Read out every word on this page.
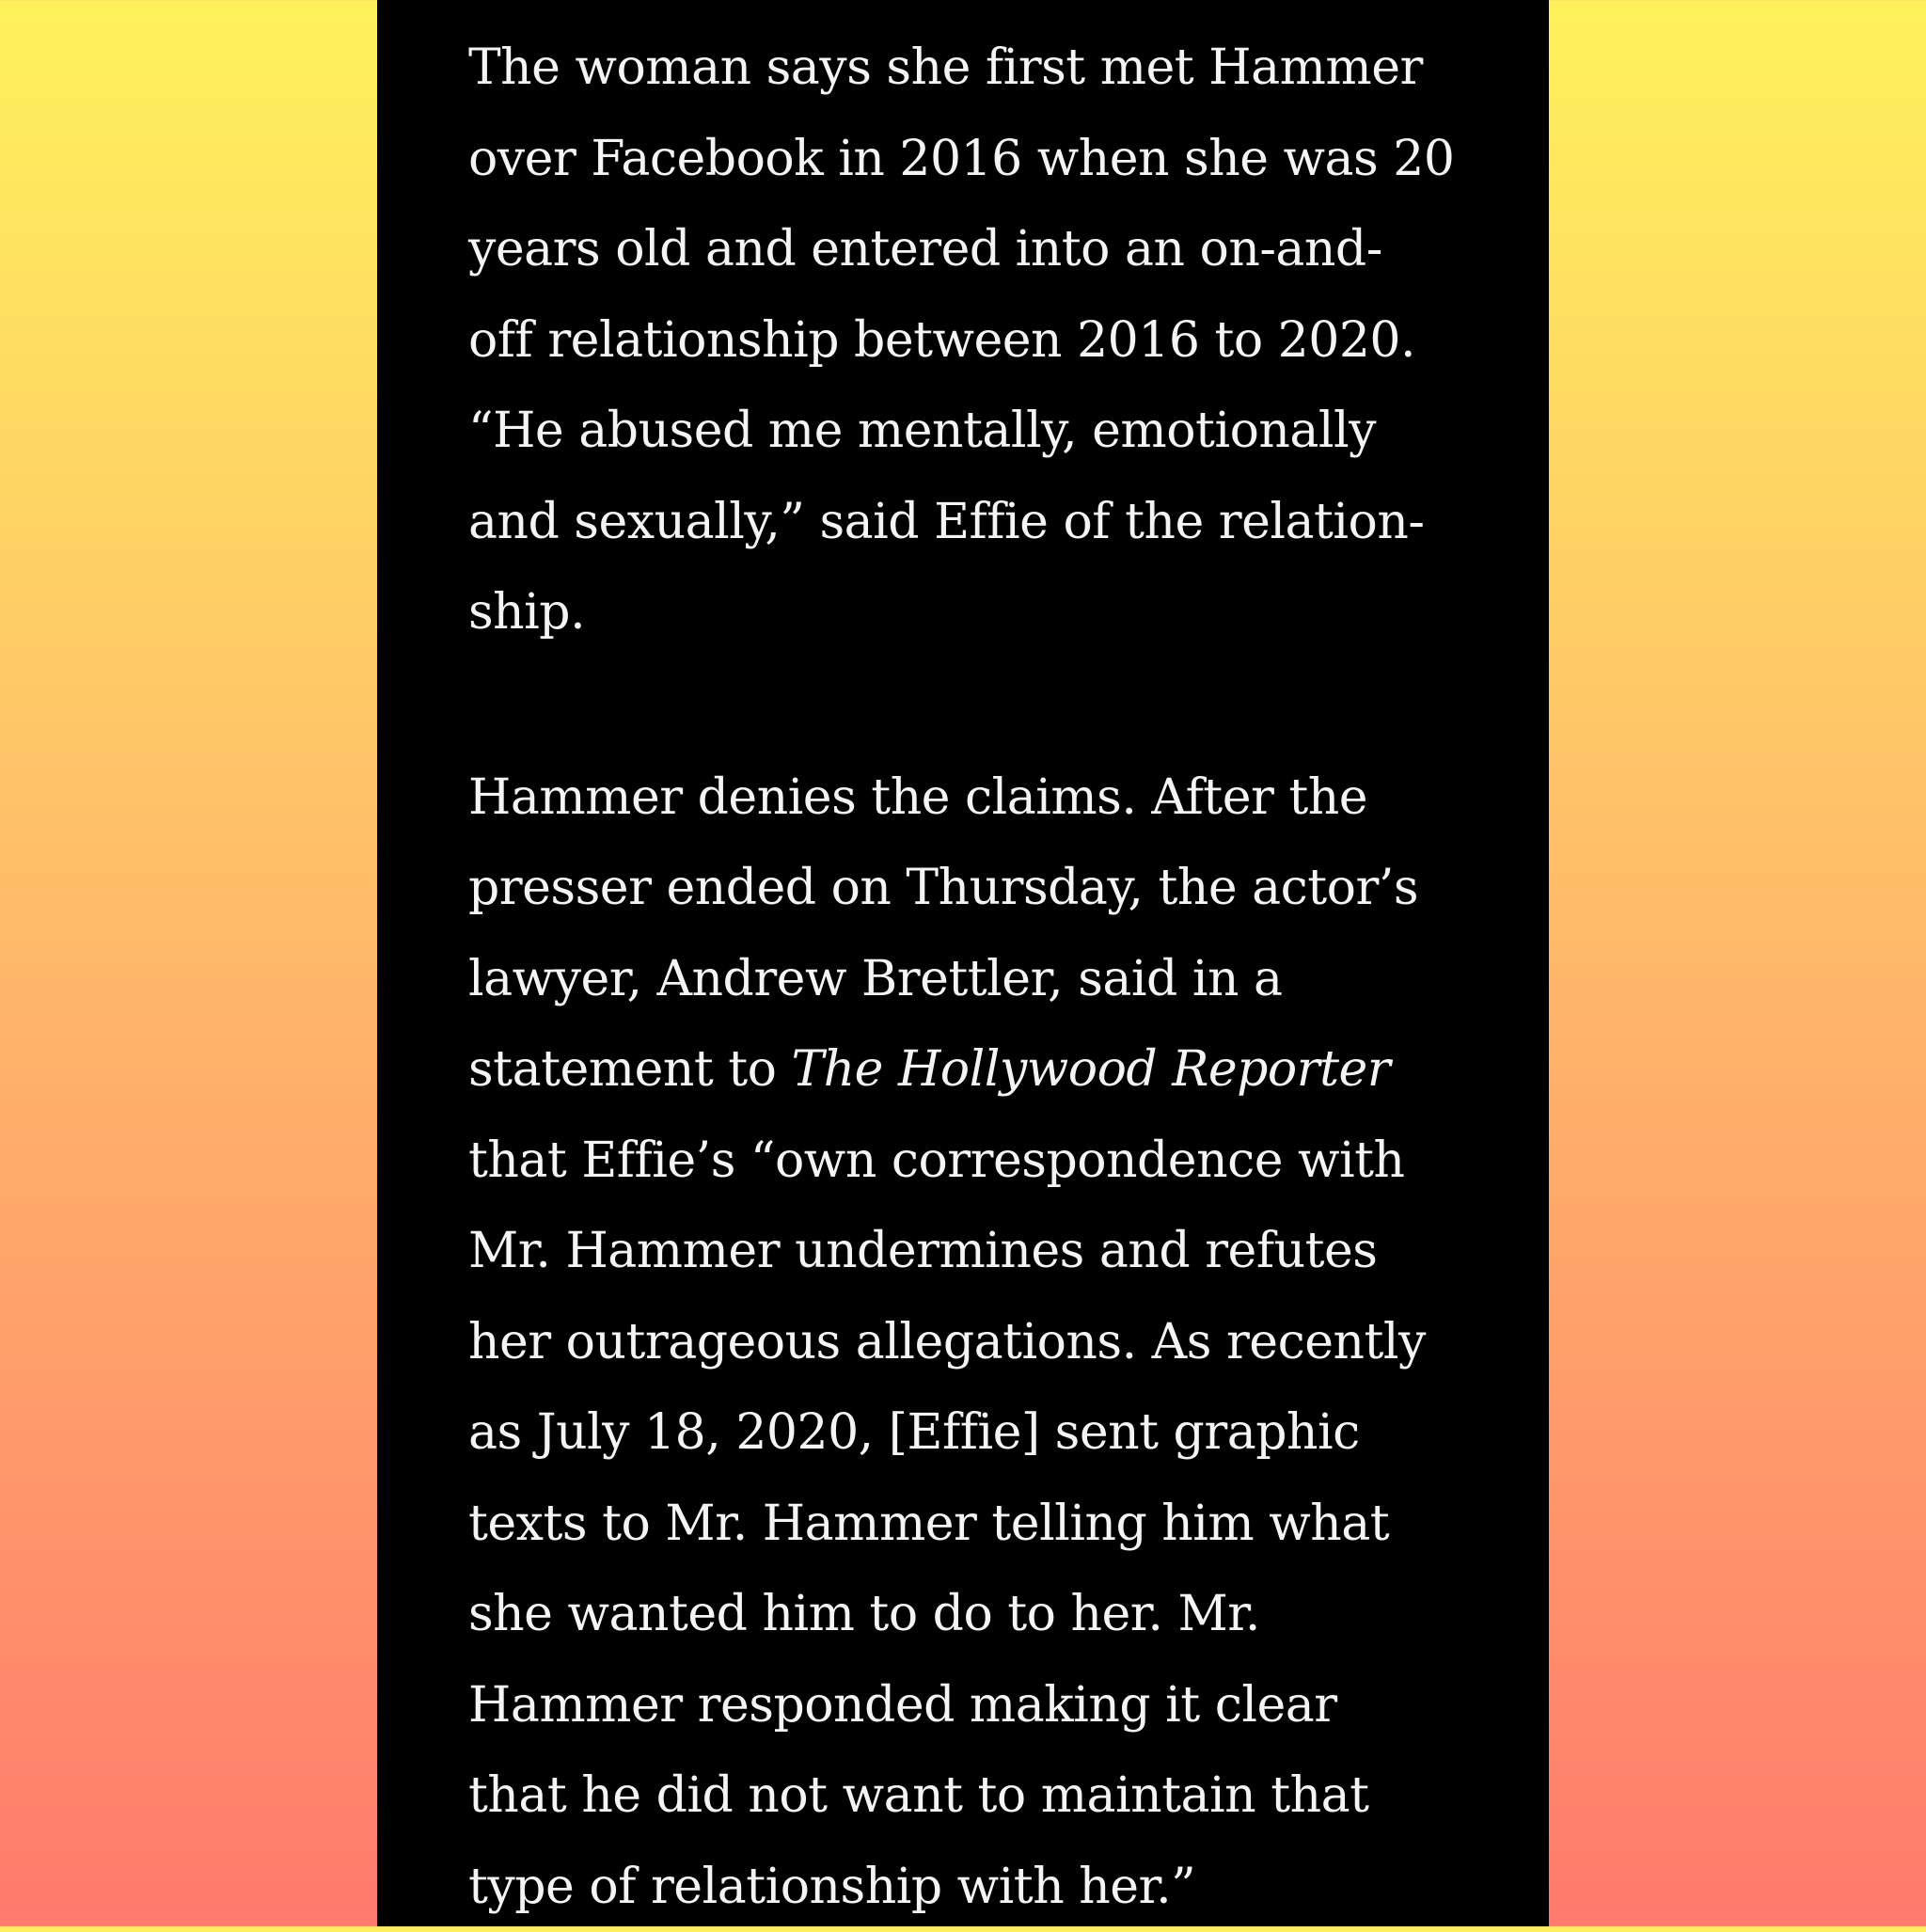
The woman says she first met Hammer
over Facebook in 2016 when she was 20
years old and entered into an on-and-
off relationship between 2016 to 2020.
“He abused me mentally, emotionally
and sexually,” said Effie of the relation-
ship.

Hammer denies the claims. After the
presser ended on Thursday, the actor’s
lawyer, Andrew Brettler, said in a
statement to The Hollywood Reporter
that Effie’s “own correspondence with
Mr. Hammer undermines and refutes
her outrageous allegations. As recently
as July 18, 2020, [Effie] sent graphic
texts to Mr. Hammer telling him what
she wanted him to do to her. Mr.
Hammer responded making it clear
that he did not want to maintain that
type of relationship with her.”
